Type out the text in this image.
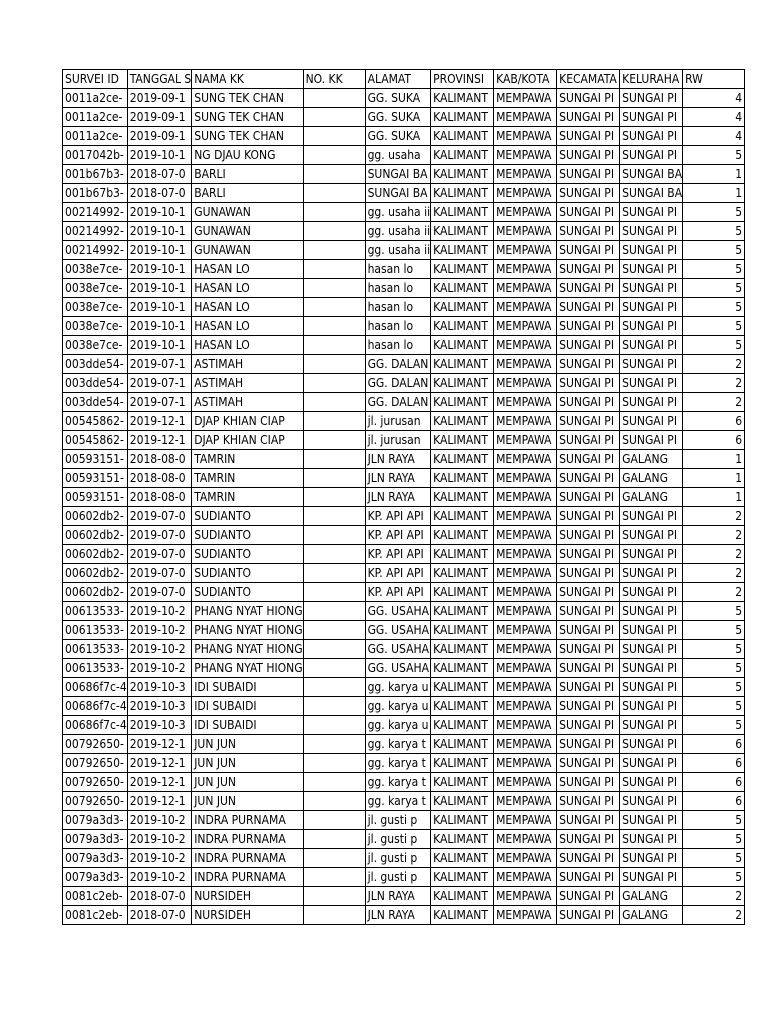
SURVEI ID	TANGGAL S	NAMA KK	NO. KK	ALAMAT	PROVINSI	KAB/KOTA	KECAMATA	KELURAHA	RW
0011a2ce-	2019-09-1	SUNG TEK CHAN		GG. SUKA	KALIMANT	MEMPAWA	SUNGAI PI	SUNGAI PI	4
0011a2ce-	2019-09-1	SUNG TEK CHAN		GG. SUKA	KALIMANT	MEMPAWA	SUNGAI PI	SUNGAI PI	4
0011a2ce-	2019-09-1	SUNG TEK CHAN		GG. SUKA	KALIMANT	MEMPAWA	SUNGAI PI	SUNGAI PI	4
0017042b-	2019-10-1	NG DJAU KONG		gg. usaha	KALIMANT	MEMPAWA	SUNGAI PI	SUNGAI PI	5
001b67b3-	2018-07-0	BARLI		SUNGAI BA	KALIMANT	MEMPAWA	SUNGAI PI	SUNGAI BA	1
001b67b3-	2018-07-0	BARLI		SUNGAI BA	KALIMANT	MEMPAWA	SUNGAI PI	SUNGAI BA	1
00214992-	2019-10-1	GUNAWAN		gg. usaha ii	KALIMANT	MEMPAWA	SUNGAI PI	SUNGAI PI	5
00214992-	2019-10-1	GUNAWAN		gg. usaha ii	KALIMANT	MEMPAWA	SUNGAI PI	SUNGAI PI	5
00214992-	2019-10-1	GUNAWAN		gg. usaha ii	KALIMANT	MEMPAWA	SUNGAI PI	SUNGAI PI	5
0038e7ce-	2019-10-1	HASAN LO		hasan lo	KALIMANT	MEMPAWA	SUNGAI PI	SUNGAI PI	5
0038e7ce-	2019-10-1	HASAN LO		hasan lo	KALIMANT	MEMPAWA	SUNGAI PI	SUNGAI PI	5
0038e7ce-	2019-10-1	HASAN LO		hasan lo	KALIMANT	MEMPAWA	SUNGAI PI	SUNGAI PI	5
0038e7ce-	2019-10-1	HASAN LO		hasan lo	KALIMANT	MEMPAWA	SUNGAI PI	SUNGAI PI	5
0038e7ce-	2019-10-1	HASAN LO		hasan lo	KALIMANT	MEMPAWA	SUNGAI PI	SUNGAI PI	5
003dde54-	2019-07-1	ASTIMAH		GG. DALAN	KALIMANT	MEMPAWA	SUNGAI PI	SUNGAI PI	2
003dde54-	2019-07-1	ASTIMAH		GG. DALAN	KALIMANT	MEMPAWA	SUNGAI PI	SUNGAI PI	2
003dde54-	2019-07-1	ASTIMAH		GG. DALAN	KALIMANT	MEMPAWA	SUNGAI PI	SUNGAI PI	2
00545862-	2019-12-1	DJAP KHIAN CIAP		jl. jurusan	KALIMANT	MEMPAWA	SUNGAI PI	SUNGAI PI	6
00545862-	2019-12-1	DJAP KHIAN CIAP		jl. jurusan	KALIMANT	MEMPAWA	SUNGAI PI	SUNGAI PI	6
00593151-	2018-08-0	TAMRIN		JLN RAYA	KALIMANT	MEMPAWA	SUNGAI PI	GALANG	1
00593151-	2018-08-0	TAMRIN		JLN RAYA	KALIMANT	MEMPAWA	SUNGAI PI	GALANG	1
00593151-	2018-08-0	TAMRIN		JLN RAYA	KALIMANT	MEMPAWA	SUNGAI PI	GALANG	1
00602db2-	2019-07-0	SUDIANTO		KP. API API	KALIMANT	MEMPAWA	SUNGAI PI	SUNGAI PI	2
00602db2-	2019-07-0	SUDIANTO		KP. API API	KALIMANT	MEMPAWA	SUNGAI PI	SUNGAI PI	2
00602db2-	2019-07-0	SUDIANTO		KP. API API	KALIMANT	MEMPAWA	SUNGAI PI	SUNGAI PI	2
00602db2-	2019-07-0	SUDIANTO		KP. API API	KALIMANT	MEMPAWA	SUNGAI PI	SUNGAI PI	2
00602db2-	2019-07-0	SUDIANTO		KP. API API	KALIMANT	MEMPAWA	SUNGAI PI	SUNGAI PI	2
00613533-	2019-10-2	PHANG NYAT HIONG		GG. USAHA	KALIMANT	MEMPAWA	SUNGAI PI	SUNGAI PI	5
00613533-	2019-10-2	PHANG NYAT HIONG		GG. USAHA	KALIMANT	MEMPAWA	SUNGAI PI	SUNGAI PI	5
00613533-	2019-10-2	PHANG NYAT HIONG		GG. USAHA	KALIMANT	MEMPAWA	SUNGAI PI	SUNGAI PI	5
00613533-	2019-10-2	PHANG NYAT HIONG		GG. USAHA	KALIMANT	MEMPAWA	SUNGAI PI	SUNGAI PI	5
00686f7c-4	2019-10-3	IDI SUBAIDI		gg. karya u	KALIMANT	MEMPAWA	SUNGAI PI	SUNGAI PI	5
00686f7c-4	2019-10-3	IDI SUBAIDI		gg. karya u	KALIMANT	MEMPAWA	SUNGAI PI	SUNGAI PI	5
00686f7c-4	2019-10-3	IDI SUBAIDI		gg. karya u	KALIMANT	MEMPAWA	SUNGAI PI	SUNGAI PI	5
00792650-	2019-12-1	JUN JUN		gg. karya t	KALIMANT	MEMPAWA	SUNGAI PI	SUNGAI PI	6
00792650-	2019-12-1	JUN JUN		gg. karya t	KALIMANT	MEMPAWA	SUNGAI PI	SUNGAI PI	6
00792650-	2019-12-1	JUN JUN		gg. karya t	KALIMANT	MEMPAWA	SUNGAI PI	SUNGAI PI	6
00792650-	2019-12-1	JUN JUN		gg. karya t	KALIMANT	MEMPAWA	SUNGAI PI	SUNGAI PI	6
0079a3d3-	2019-10-2	INDRA PURNAMA		jl. gusti p	KALIMANT	MEMPAWA	SUNGAI PI	SUNGAI PI	5
0079a3d3-	2019-10-2	INDRA PURNAMA		jl. gusti p	KALIMANT	MEMPAWA	SUNGAI PI	SUNGAI PI	5
0079a3d3-	2019-10-2	INDRA PURNAMA		jl. gusti p	KALIMANT	MEMPAWA	SUNGAI PI	SUNGAI PI	5
0079a3d3-	2019-10-2	INDRA PURNAMA		jl. gusti p	KALIMANT	MEMPAWA	SUNGAI PI	SUNGAI PI	5
0081c2eb-	2018-07-0	NURSIDEH		JLN RAYA	KALIMANT	MEMPAWA	SUNGAI PI	GALANG	2
0081c2eb-	2018-07-0	NURSIDEH		JLN RAYA	KALIMANT	MEMPAWA	SUNGAI PI	GALANG	2
